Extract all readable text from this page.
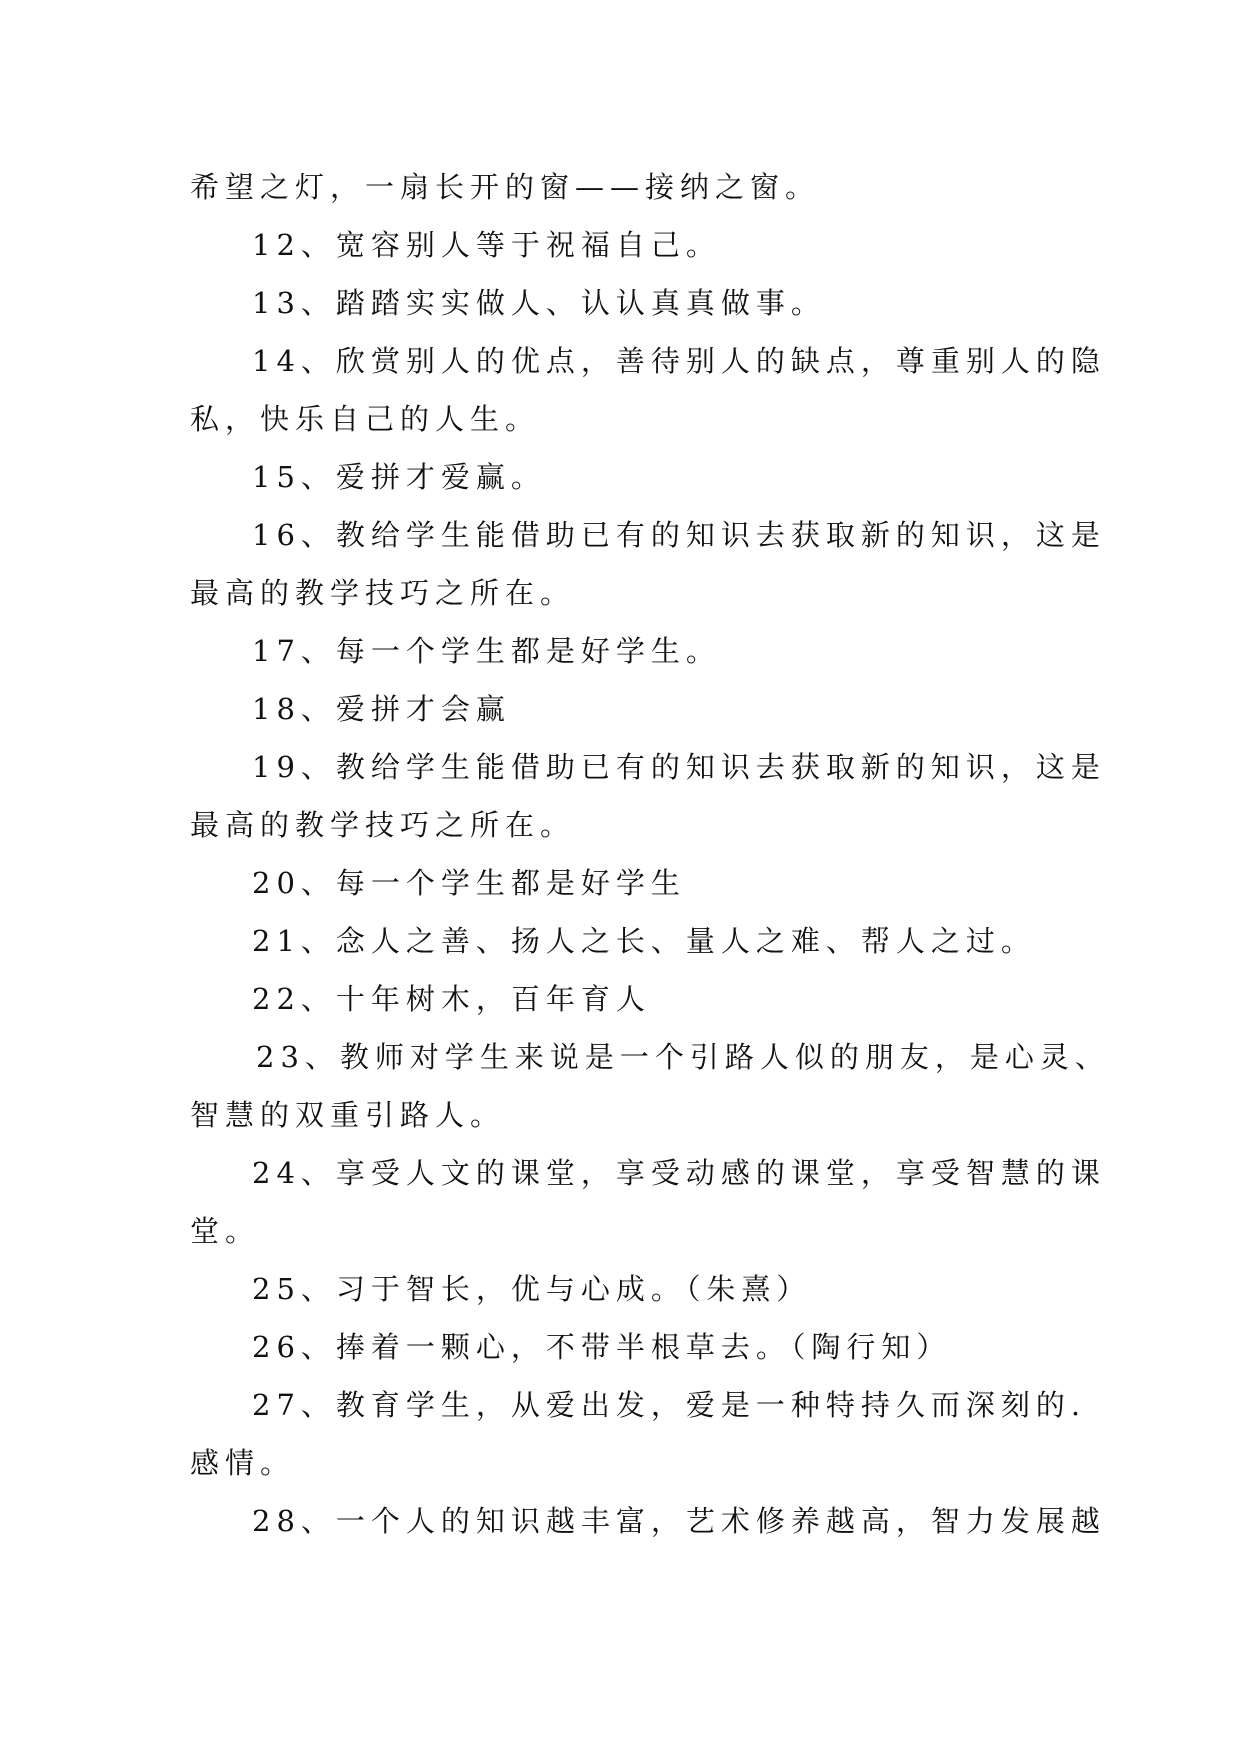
希望之灯，一扇长开的窗——接纳之窗。
12、宽容别人等于祝福自己。
13、踏踏实实做人、认认真真做事。
14、欣赏别人的优点，善待别人的缺点，尊重别人的隐
私，快乐自己的人生。
15、爱拼才爱赢。
16、教给学生能借助已有的知识去获取新的知识，这是
最高的教学技巧之所在。
17、每一个学生都是好学生。
18、爱拼才会赢
19、教给学生能借助已有的知识去获取新的知识，这是
最高的教学技巧之所在。
20、每一个学生都是好学生
21、念人之善、扬人之长、量人之难、帮人之过。
22、十年树木，百年育人
23、教师对学生来说是一个引路人似的朋友，是心灵、
智慧的双重引路人。
24、享受人文的课堂，享受动感的课堂，享受智慧的课
堂。
25、习于智长，优与心成。（朱熹）
26、捧着一颗心，不带半根草去。（陶行知）
27、教育学生，从爱出发，爱是一种特持久而深刻的.
感情。
28、一个人的知识越丰富，艺术修养越高，智力发展越
